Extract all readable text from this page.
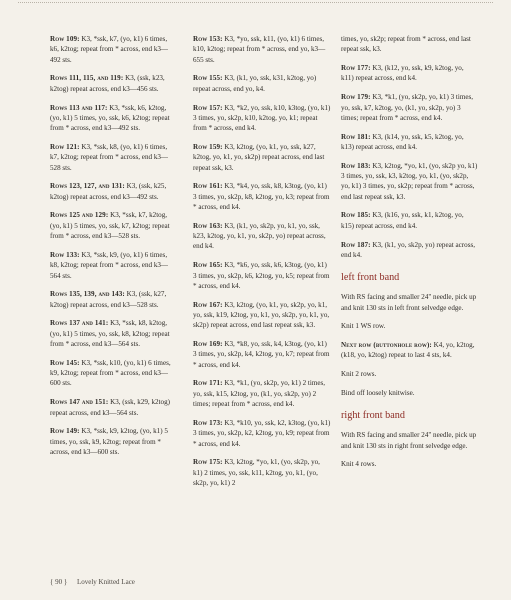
Row 109: K3, *ssk, k7, (yo, k1) 6 times, k6, k2tog; repeat from * across, end k3—492 sts.

Rows 111, 115, and 119: K3, (ssk, k23, k2tog) repeat across, end k3—456 sts.

Rows 113 and 117: K3, *ssk, k6, k2tog, (yo, k1) 5 times, yo, ssk, k6, k2tog; repeat from * across, end k3—492 sts.

Row 121: K3, *ssk, k8, (yo, k1) 6 times, k7, k2tog; repeat from * across, end k3—528 sts.

Rows 123, 127, and 131: K3, (ssk, k25, k2tog) repeat across, end k3—492 sts.

Rows 125 and 129: K3, *ssk, k7, k2tog, (yo, k1) 5 times, yo, ssk, k7, k2tog; repeat from * across, end k3—528 sts.

Row 133: K3, *ssk, k9, (yo, k1) 6 times, k8, k2tog; repeat from * across, end k3—564 sts.

Rows 135, 139, and 143: K3, (ssk, k27, k2tog) repeat across, end k3—528 sts.

Rows 137 and 141: K3, *ssk, k8, k2tog, (yo, k1) 5 times, yo, ssk, k8, k2tog; repeat from * across, end k3—564 sts.

Row 145: K3, *ssk, k10, (yo, k1) 6 times, k9, k2tog; repeat from * across, end k3—600 sts.

Rows 147 and 151: K3, (ssk, k29, k2tog) repeat across, end k3—564 sts.

Row 149: K3, *ssk, k9, k2tog, (yo, k1) 5 times, yo, ssk, k9, k2tog; repeat from * across, end k3—600 sts.

Row 153: K3, *yo, ssk, k11, (yo, k1) 6 times, k10, k2tog; repeat from * across, end yo, k3—655 sts.

Row 155: K3, (k1, yo, ssk, k31, k2tog, yo) repeat across, end yo, k4.

Row 157: K3, *k2, yo, ssk, k10, k3tog, (yo, k1) 3 times, yo, sk2p, k10, k2tog, yo, k1; repeat from * across, end k4.

Row 159: K3, k2tog, (yo, k1, yo, ssk, k27, k2tog, yo, k1, yo, sk2p) repeat across, end last repeat ssk, k3.

Row 161: K3, *k4, yo, ssk, k8, k3tog, (yo, k1) 3 times, yo, sk2p, k8, k2tog, yo, k3; repeat from * across, end k4.

Row 163: K3, (k1, yo, sk2p, yo, k1, yo, ssk, k23, k2tog, yo, k1, yo, sk2p, yo) repeat across, end k4.

Row 165: K3, *k6, yo, ssk, k6, k3tog, (yo, k1) 3 times, yo, sk2p, k6, k2tog, yo, k5; repeat from * across, end k4.

Row 167: K3, k2tog, (yo, k1, yo, sk2p, yo, k1, yo, ssk, k19, k2tog, yo, k1, yo, sk2p, yo, k1, yo, sk2p) repeat across, end last repeat ssk, k3.

Row 169: K3, *k8, yo, ssk, k4, k3tog, (yo, k1) 3 times, yo, sk2p, k4, k2tog, yo, k7; repeat from * across, end k4.

Row 171: K3, *k1, (yo, sk2p, yo, k1) 2 times, yo, ssk, k15, k2tog, yo, (k1, yo, sk2p, yo) 2 times; repeat from * across, end k4.

Row 173: K3, *k10, yo, ssk, k2, k3tog, (yo, k1) 3 times, yo, sk2p, k2, k2tog, yo, k9; repeat from * across, end k4.

Row 175: K3, k2tog, *yo, k1, (yo, sk2p, yo, k1) 2 times, yo, ssk, k11, k2tog, yo, k1, (yo, sk2p, yo, k1) 2

times, yo, sk2p; repeat from * across, end last repeat ssk, k3.

Row 177: K3, (k12, yo, ssk, k9, k2tog, yo, k11) repeat across, end k4.

Row 179: K3, *k1, (yo, sk2p, yo, k1) 3 times, yo, ssk, k7, k2tog, yo, (k1, yo, sk2p, yo) 3 times; repeat from * across, end k4.

Row 181: K3, (k14, yo, ssk, k5, k2tog, yo, k13) repeat across, end k4.

Row 183: K3, k2tog, *yo, k1, (yo, sk2p yo, k1) 3 times, yo, ssk, k3, k2tog, yo, k1, (yo, sk2p, yo, k1) 3 times, yo, sk2p; repeat from * across, end last repeat ssk, k3.

Row 185: K3, (k16, yo, ssk, k1, k2tog, yo, k15) repeat across, end k4.

Row 187: K3, (k1, yo, sk2p, yo) repeat across, end k4.

left front band

With RS facing and smaller 24" needle, pick up and knit 130 sts in left front selvedge edge.

Knit 1 WS row.

Next row (buttonhole row): K4, yo, k2tog, (k18, yo, k2tog) repeat to last 4 sts, k4.

Knit 2 rows.

Bind off loosely knitwise.

right front band

With RS facing and smaller 24" needle, pick up and knit 130 sts in right front selvedge edge.

Knit 4 rows.

{ 90 } Lovely Knitted Lace
